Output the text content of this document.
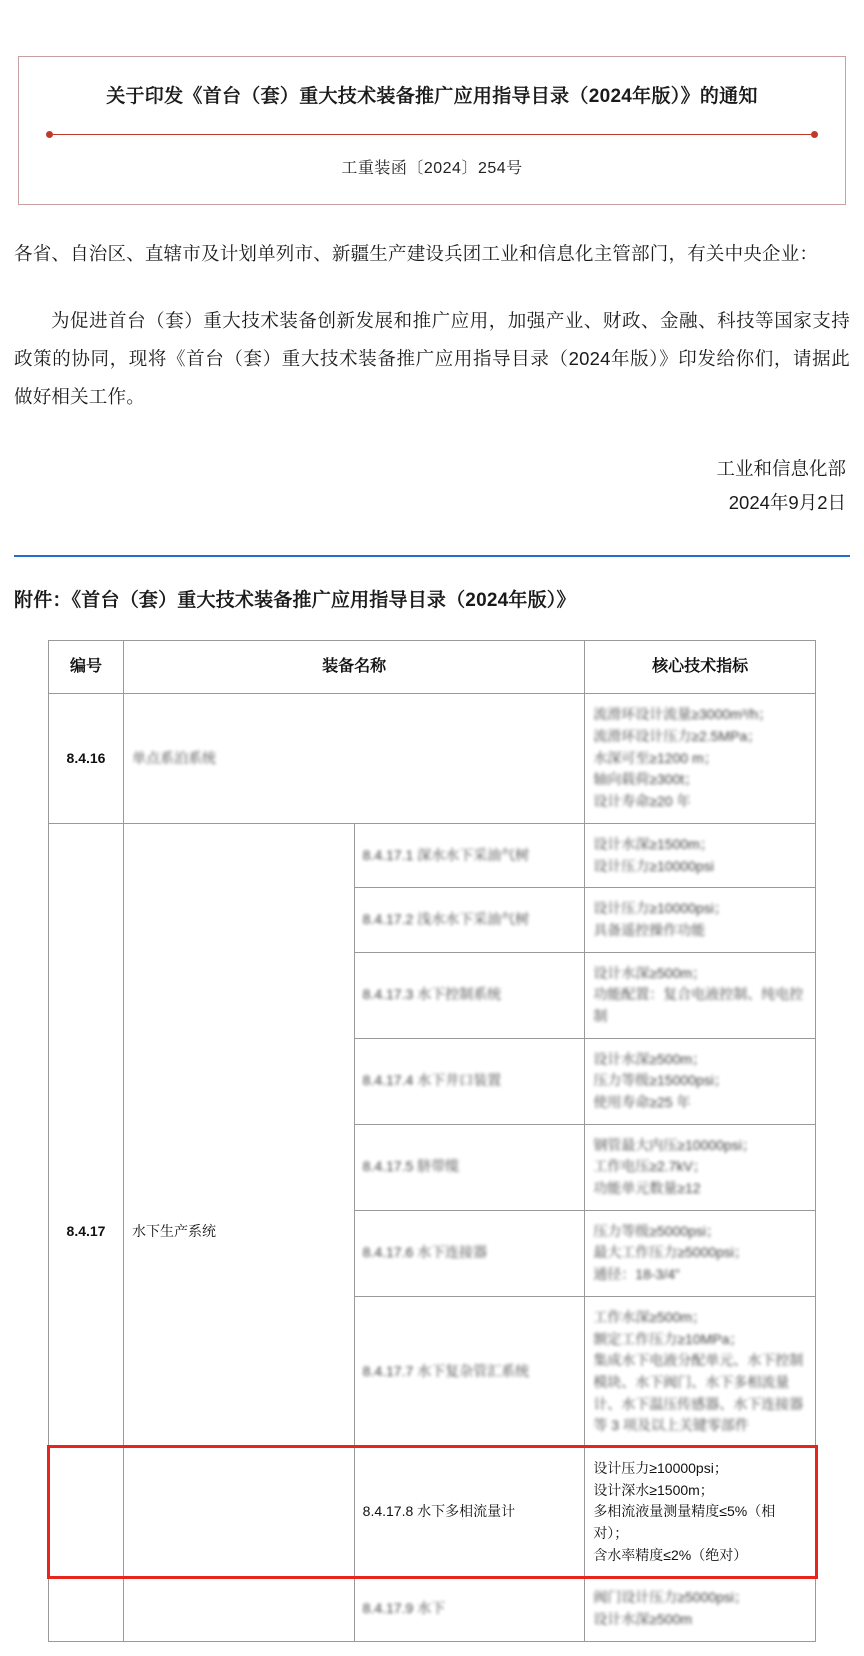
关于印发《首台（套）重大技术装备推广应用指导目录（2024年版）》的通知
工重装函〔2024〕254号

各省、自治区、直辖市及计划单列市、新疆生产建设兵团工业和信息化主管部门，有关中央企业：

为促进首台（套）重大技术装备创新发展和推广应用，加强产业、财政、金融、科技等国家支持政策的协同，现将《首台（套）重大技术装备推广应用指导目录（2024年版）》印发给你们，请据此做好相关工作。

工业和信息化部
2024年9月2日
附件：《首台（套）重大技术装备推广应用指导目录（2024年版）》
编号	装备名称		核心技术指标
8.4.16	单点系泊系统		流滑环设计流量≥3000m³/h；
流滑环设计压力≥2.5MPa；
水深可至≥1200 m；
轴向载荷≥300t；
设计寿命≥20 年

8.4.17	水下生产系统	8.4.17.1 深水水下采油气树	设计水深≥1500m；
设计压力≥10000psi

		8.4.17.2 浅水水下采油气树	设计压力≥10000psi；
具备遥控操作功能

		8.4.17.3 水下控制系统	设计水深≥500m；
功能配置：复合电液控制、纯电控制

		8.4.17.4 水下井口装置	设计水深≥500m；
压力等级≥15000psi；
使用寿命≥25 年

		8.4.17.5 脐带缆	钢管最大内压≥10000psi；
工作电压≥2.7kV；
功能单元数量≥12

		8.4.17.6 水下连接器	压力等级≥5000psi；
最大工作压力≥5000psi；
通径：18-3/4”

		8.4.17.7 水下复杂管汇系统	工作水深≥500m；
额定工作压力≥10MPa；
集成水下电液分配单元、水下控制模块、水下阀门、水下多相流量计、水下温压传感器、水下连接器等 3 项及以上关键零部件

		8.4.17.8 水下多相流量计	设计压力≥10000psi；
设计深水≥1500m；
多相流液量测量精度≤5%（相对）；
含水率精度≤2%（绝对）

		8.4.17.9 水下	阀门设计压力≥5000psi；
设计水深≥500m
